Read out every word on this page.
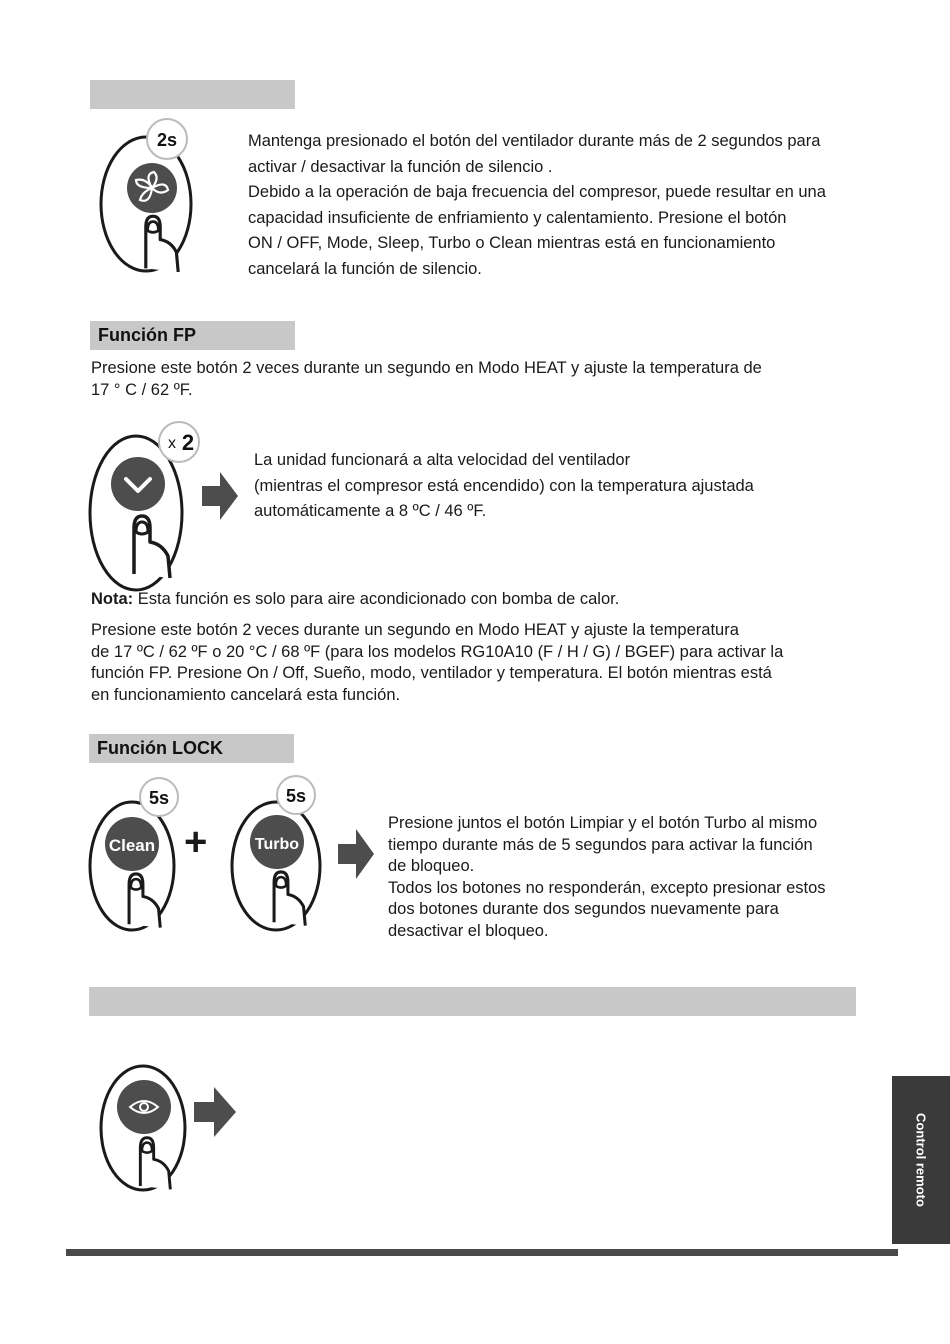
2s	Mantenga presionado el botón del ventilador durante más de 2 segundos para

activar / desactivar la función de silencio .

Debido a la operación de baja frecuencia del compresor, puede resultar en una

capacidad insuficiente de enfriamiento y calentamiento. Presione el botón

ON / OFF, Mode, Sleep, Turbo o Clean mientras está en funcionamiento

cancelará la función de silencio.

Función FP

Presione este botón 2 veces durante un segundo en Modo HEAT y ajuste la temperatura de

17 ° C / 62 ºF.

x 2

La unidad funcionará a alta velocidad del ventilador

(mientras el compresor está encendido) con la temperatura ajustada

automáticamente a 8 ºC / 46 ºF.

Nota: Esta función es solo para aire acondicionado con bomba de calor.

Presione este botón 2 veces durante un segundo en Modo HEAT y ajuste la temperatura

de 17 ºC / 62 ºF o 20 °C / 68 ºF (para los modelos RG10A10 (F / H / G) / BGEF) para activar la

función FP. Presione On / Off, Sueño, modo, ventilador y temperatura. El botón mientras está

en funcionamiento cancelará esta función.

Función LOCK
Clean
5s
+	Turbo
5s

Presione juntos el botón Limpiar y el botón Turbo al mismo

tiempo durante más de 5 segundos para activar la función

de bloqueo.

Todos los botones no responderán, excepto presionar estos

dos botones durante dos segundos nuevamente para

desactivar el bloqueo.

Control remoto
